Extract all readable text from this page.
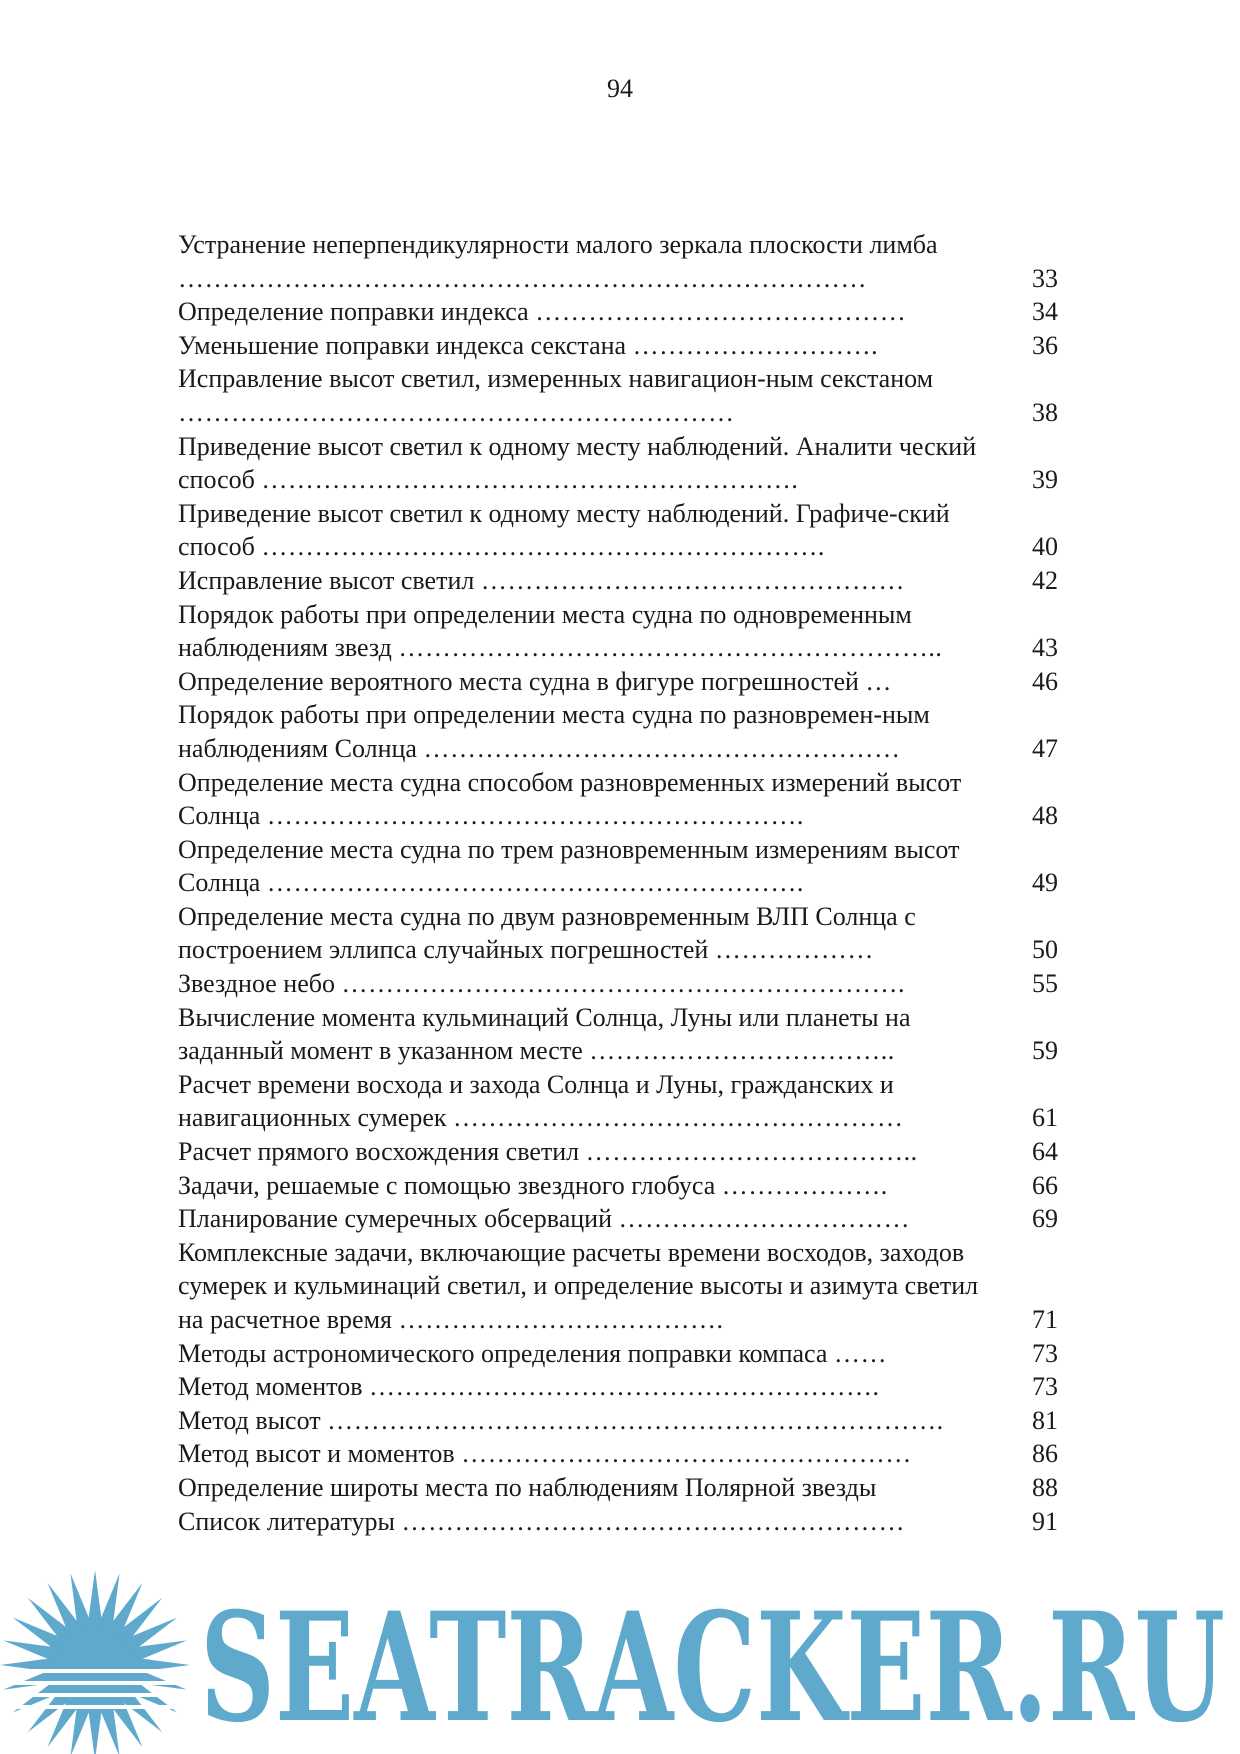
94
Устранение неперпендикулярности малого зеркала плоскости лимба ……………………………………………………………………	33
Определение поправки индекса ……………………………………	34
Уменьшение поправки индекса секстана ……………………….	36
Исправление высот светил, измеренных навигацион-ным секстаном ………………………………………………………	38
Приведение высот светил к одному месту наблюдений. Аналити ческий способ …………………………………………………….	39
Приведение высот светил к одному месту наблюдений. Графиче-ский способ ……………………………………………………….	40
Исправление высот светил …………………………………………	42
Порядок работы при определении места судна по одновременным наблюдениям звезд ……………………………………………………..	43
Определение вероятного места судна в фигуре погрешностей …	46
Порядок работы при определении места судна по разновремен-ным наблюдениям Солнца ………………………………………………	47
Определение места судна способом разновременных измерений высот Солнца …………………………………………………….	48
Определение места судна по трем разновременным измерениям высот Солнца …………………………………………………….	49
Определение места судна по двум разновременным ВЛП Солнца с построением эллипса случайных погрешностей ………………	50
Звездное небо ……………………………………………………….	55
Вычисление момента кульминаций Солнца, Луны или планеты на заданный момент в указанном месте ……………………………..	59
Расчет времени восхода и захода Солнца и Луны, гражданских и навигационных сумерек ……………………………………………	61
Расчет прямого восхождения светил ………………………………..	64
Задачи, решаемые с помощью звездного глобуса ……………….	66
Планирование сумеречных обсерваций ……………………………	69
Комплексные задачи, включающие расчеты времени восходов, заходов сумерек и кульминаций светил, и определение высоты и азимута светил на расчетное время ……………………………….	71
Методы астрономического определения поправки компаса ……	73
Метод моментов ………………………………………………….	73
Метод высот …………………………………………………………….	81
Метод высот и моментов ……………………………………………	86
Определение широты места по наблюдениям Полярной звезды	88
Список литературы …………………………………………………	91
SEATRACKER.RU
